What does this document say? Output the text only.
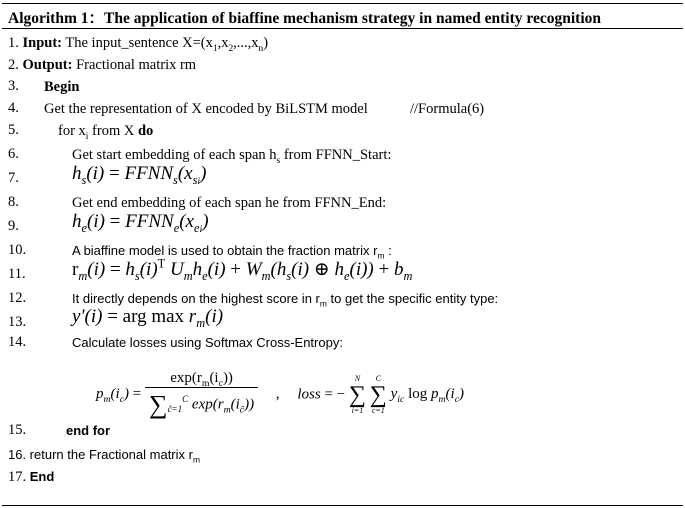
Algorithm 1：The application of biaffine mechanism strategy in named entity recognition
1. Input: The input_sentence $X=(x_1,x_2,...,x_n)$
2. Output: Fractional matrix rm
3. Begin
4. Get the representation of X encoded by BiLSTM model	//Formula(6)
5.	for $x_i$ from X do
6.	Get start embedding of each span $h_s$ from FFNN_Start:
7.	$h_s(i)$ = $FFNN_s(x_{si})$
8.	Get end embedding of each span he from FFNN_End:
9.	$h_e(i)$ = $FFNN_e(x_{ei})$
10.	A biaffine model is used to obtain the fraction matrix $r_m$ :
11. $r_m(i) = h_s(i)^T$ $U_mh_e(i) + W_m(h_s(i)$ ⊕ $h_e(i)) + b_m$
12.	It directly depends on the highest score in $r_m$ to get the specific entity type:
13. y'(i) = arg $\max r_m(i)$
14.	Calculate losses using Softmax Cross-Entropy:
$p_m(i_c) = \frac{\exp(r_m(i_c))}{\sum_{ĉ=1}^C \exp(r_m(i_ĉ))}$ , loss = −
N
∑
i=1

C
∑
c=1
$y_{ic}$ $\log p_m(i_c)$
15.	end for
16. return the Fractional matrix $r_m$
17. End
